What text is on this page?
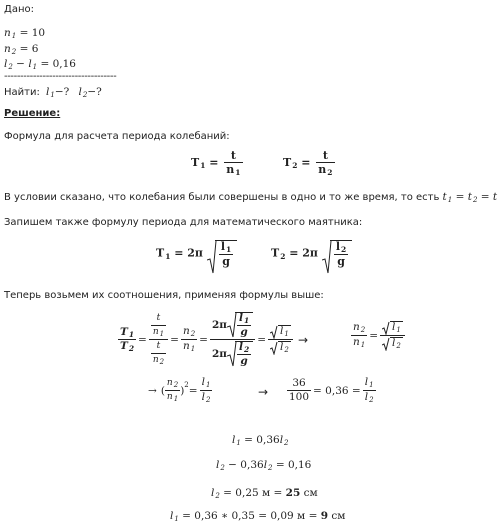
Дано:
n1 = 10
n2 = 6
l2 − l1 = 0,16
-----------------------------------
Найти: l1−? l2−?
Решение:
Формула для расчета периода колебаний:
$T1 = \frac{t}{n1}$	$T2 = \frac{t}{n2}$
В условии сказано, что колебания были совершены в одно и то же время, то есть t1 = t2 = t
Запишем также формулу периода для математического маятника:
$T1 = 2\pi \frac{l1}{g}$	$T2 = 2\pi \frac{l2}{g}$
Теперь возьмем их соотношения, применяя формулы выше:
$\frac{T1}{T2} = \frac{\frac{t}{n_1}}{\frac{t}{n_2}} = \frac{n2}{n1} = \frac{2\pi \frac{l1}{g}}{2\pi \frac{l2}{g}} = \frac{l1}{l2}$ →	$\frac{n2}{n1} = \frac{l1}{l2}$
→ ( $\frac{n_2}{n_1}$ ) $2 = \frac{l1}{l2}$	→ $\frac{36}{100} = 0,36 = \frac{l1}{l2}$
l1 = 0,36l2
l2 − 0,36l2 = 0,16
l2 = 0,25 м = 25 см
l1 = 0,36 ∗ 0,35 = 0,09 м = 9 см
